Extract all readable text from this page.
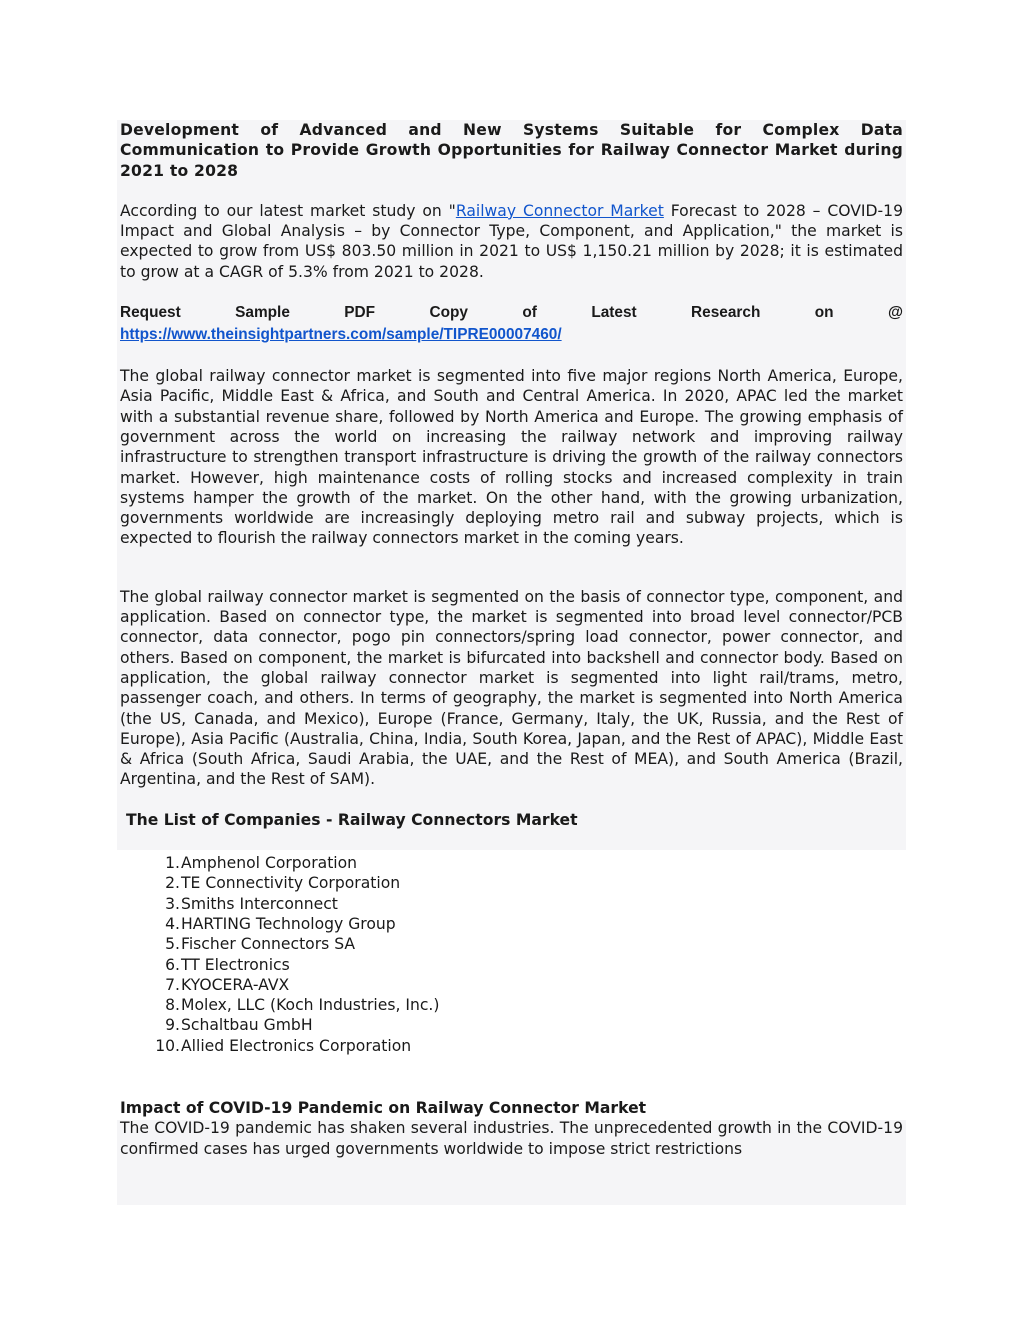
Development of Advanced and New Systems Suitable for Complex Data Communication to Provide Growth Opportunities for Railway Connector Market during 2021 to 2028

According to our latest market study on "Railway Connector Market Forecast to 2028 – COVID-19 Impact and Global Analysis – by Connector Type, Component, and Application," the market is expected to grow from US$ 803.50 million in 2021 to US$ 1,150.21 million by 2028; it is estimated to grow at a CAGR of 5.3% from 2021 to 2028.

Request Sample PDF Copy of Latest Research on @

https://www.theinsightpartners.com/sample/TIPRE00007460/

The global railway connector market is segmented into five major regions North America, Europe, Asia Pacific, Middle East & Africa, and South and Central America. In 2020, APAC led the market with a substantial revenue share, followed by North America and Europe. The growing emphasis of government across the world on increasing the railway network and improving railway infrastructure to strengthen transport infrastructure is driving the growth of the railway connectors market. However, high maintenance costs of rolling stocks and increased complexity in train systems hamper the growth of the market. On the other hand, with the growing urbanization, governments worldwide are increasingly deploying metro rail and subway projects, which is expected to flourish the railway connectors market in the coming years.

The global railway connector market is segmented on the basis of connector type, component, and application. Based on connector type, the market is segmented into broad level connector/PCB connector, data connector, pogo pin connectors/spring load connector, power connector, and others. Based on component, the market is bifurcated into backshell and connector body. Based on application, the global railway connector market is segmented into light rail/trams, metro, passenger coach, and others. In terms of geography, the market is segmented into North America (the US, Canada, and Mexico), Europe (France, Germany, Italy, the UK, Russia, and the Rest of Europe), Asia Pacific (Australia, China, India, South Korea, Japan, and the Rest of APAC), Middle East & Africa (South Africa, Saudi Arabia, the UAE, and the Rest of MEA), and South America (Brazil, Argentina, and the Rest of SAM).

The List of Companies - Railway Connectors Market

1. Amphenol Corporation
2. TE Connectivity Corporation
3. Smiths Interconnect
4. HARTING Technology Group
5. Fischer Connectors SA
6. TT Electronics
7. KYOCERA-AVX
8. Molex, LLC (Koch Industries, Inc.)
9. Schaltbau GmbH
10. Allied Electronics Corporation

Impact of COVID-19 Pandemic on Railway Connector Market

The COVID-19 pandemic has shaken several industries. The unprecedented growth in the COVID-19 confirmed cases has urged governments worldwide to impose strict restrictions
